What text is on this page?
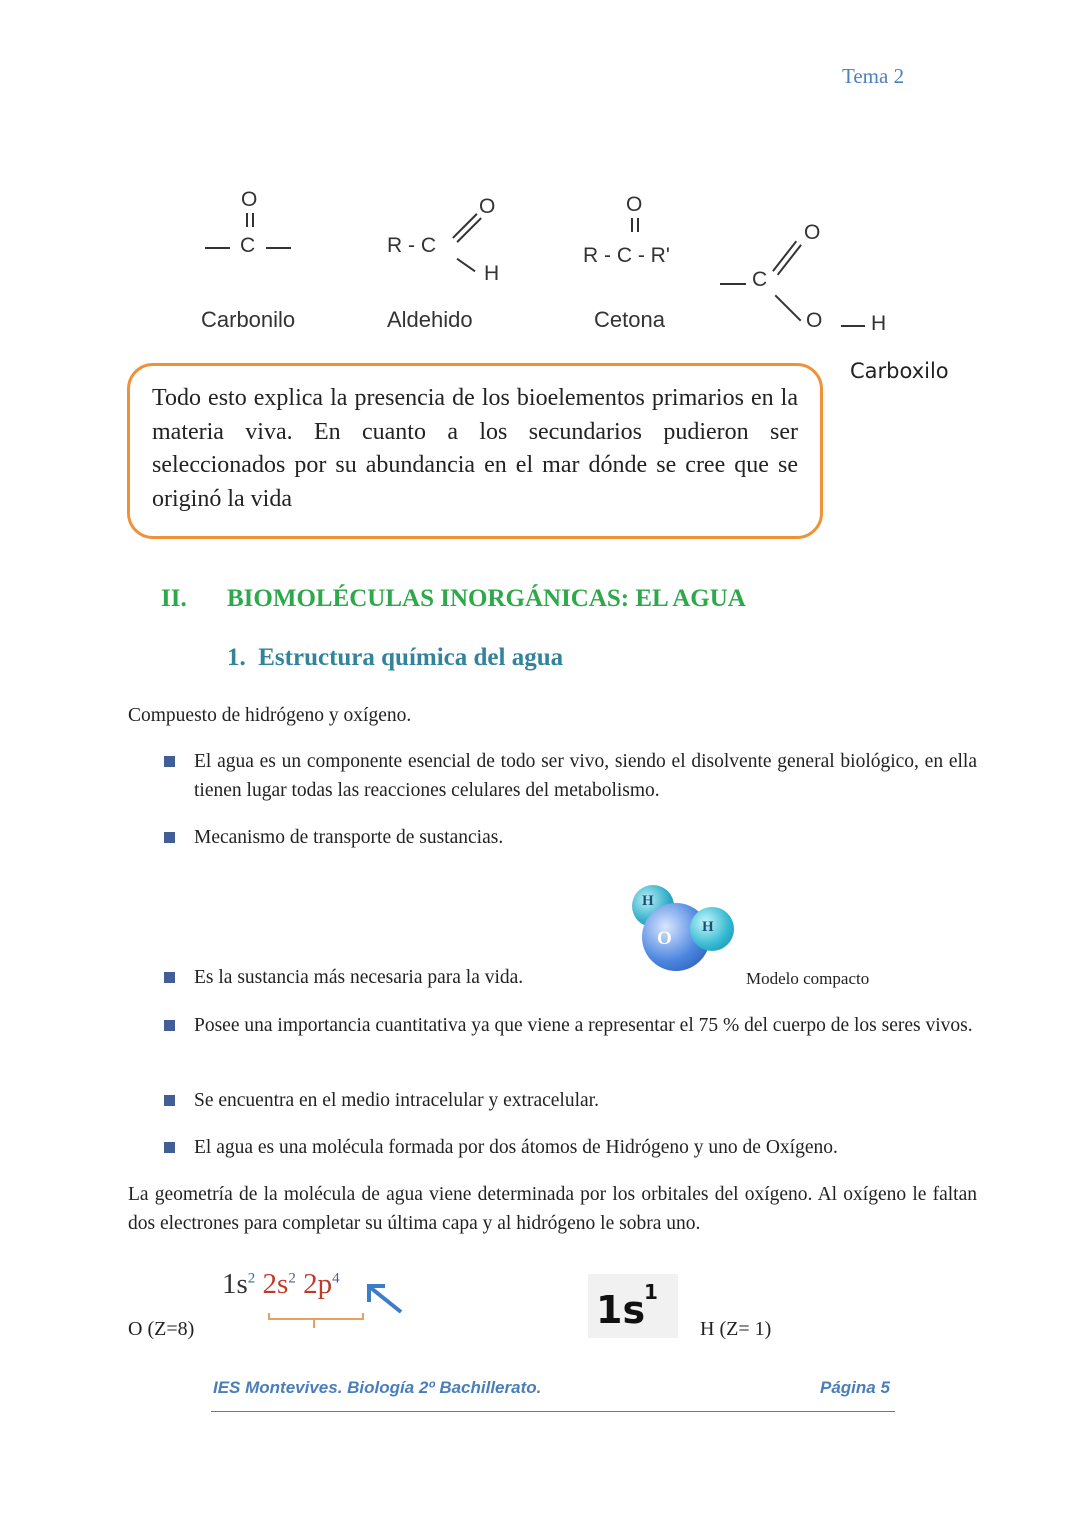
Tema 2
O
C
Carbonilo
R - C
O
H
Aldehido
O
R - C - R'
Cetona
C
O
O H
Carboxilo
Todo esto explica la presencia de los bioelementos primarios en la materia viva. En cuanto a los secundarios pudieron ser seleccionados por su abundancia en el mar dónde se cree que se originó la vida
II. BIOMOLÉCULAS INORGÁNICAS: EL AGUA
1.  Estructura química del agua
Compuesto de hidrógeno y oxígeno.
El agua es un componente esencial de todo ser vivo, siendo el disolvente general biológico, en ella tienen lugar todas las reacciones celulares del metabolismo.
Mecanismo de transporte de sustancias.
Es la sustancia más necesaria para la vida.
H
O
H
Modelo compacto
Posee una importancia cuantitativa ya que viene a representar el 75 % del cuerpo de los seres vivos.
Se encuentra en el medio intracelular y extracelular.
El agua es una molécula formada por dos átomos de Hidrógeno y uno de Oxígeno.
La geometría de la molécula de agua viene determinada por los orbitales del oxígeno. Al oxígeno le faltan dos electrones para completar su última capa y al hidrógeno le sobra uno.
O (Z=8)
$1s^2$ $2s^2$ $2p^4$
1s
1
H (Z= 1)
IES Montevives. Biología 2º Bachillerato.	Página 5
